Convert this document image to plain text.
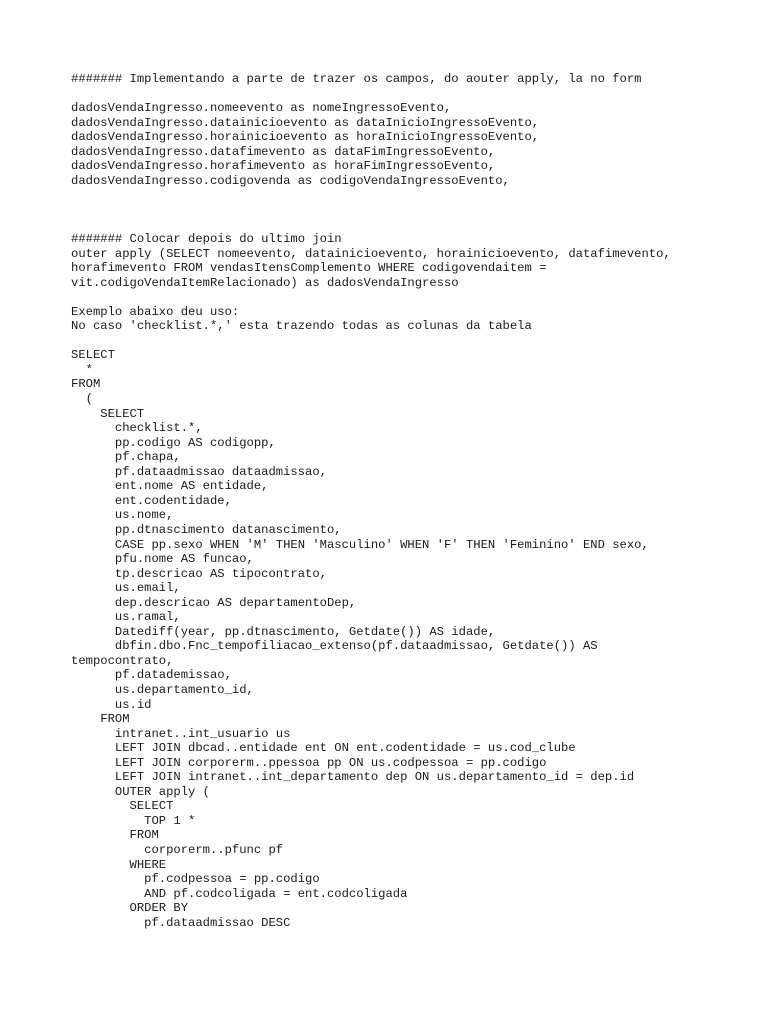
####### Implementando a parte de trazer os campos, do aouter apply, la no form
dadosVendaIngresso.nomeevento as nomeIngressoEvento,
dadosVendaIngresso.datainicioevento as dataInicioIngressoEvento,
dadosVendaIngresso.horainicioevento as horaInicioIngressoEvento,
dadosVendaIngresso.datafimevento as dataFimIngressoEvento,
dadosVendaIngresso.horafimevento as horaFimIngressoEvento,
dadosVendaIngresso.codigovenda as codigoVendaIngressoEvento,
####### Colocar depois do ultimo join
outer apply (SELECT nomeevento, datainicioevento, horainicioevento, datafimevento,
horafimevento FROM vendasItensComplemento WHERE codigovendaitem =
vit.codigoVendaItemRelacionado) as dadosVendaIngresso
Exemplo abaixo deu uso:
No caso 'checklist.*,' esta trazendo todas as colunas da tabela
SELECT
*
FROM
(
SELECT
checklist.*,
pp.codigo AS codigopp,
pf.chapa,
pf.dataadmissao dataadmissao,
ent.nome AS entidade,
ent.codentidade,
us.nome,
pp.dtnascimento datanascimento,
CASE pp.sexo WHEN 'M' THEN 'Masculino' WHEN 'F' THEN 'Feminino' END sexo,
pfu.nome AS funcao,
tp.descricao AS tipocontrato,
us.email,
dep.descricao AS departamentoDep,
us.ramal,
Datediff(year, pp.dtnascimento, Getdate()) AS idade,
dbfin.dbo.Fnc_tempofiliacao_extenso(pf.dataadmissao, Getdate()) AS
tempocontrato,
pf.datademissao,
us.departamento_id,
us.id
FROM
intranet..int_usuario us
LEFT JOIN dbcad..entidade ent ON ent.codentidade = us.cod_clube
LEFT JOIN corporerm..ppessoa pp ON us.codpessoa = pp.codigo
LEFT JOIN intranet..int_departamento dep ON us.departamento_id = dep.id
OUTER apply (
SELECT
TOP 1 *
FROM
corporerm..pfunc pf
WHERE
pf.codpessoa = pp.codigo
AND pf.codcoligada = ent.codcoligada
ORDER BY
pf.dataadmissao DESC
